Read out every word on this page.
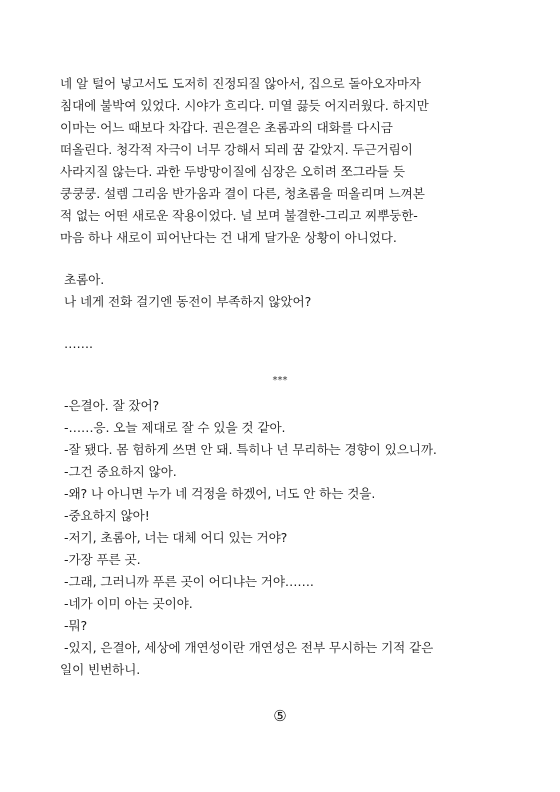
네 알 털어 넣고서도 도저히 진정되질 않아서, 집으로 돌아오자마자
침대에 불박여 있었다. 시야가 흐리다. 미열 끓듯 어지러웠다. 하지만
이마는 어느 때보다 차갑다. 권은결은 초롬과의 대화를 다시금
떠올린다. 청각적 자극이 너무 강해서 되레 꿈 같았지. 두근거림이
사라지질 않는다. 과한 두방망이질에 심장은 오히려 쪼그라들 듯
쿵쿵쿵. 설렘 그리움 반가움과 결이 다른, 청초롬을 떠올리며 느껴본
적 없는 어떤 새로운 작용이었다. 널 보며 불결한-그리고 찌뿌둥한-
마음 하나 새로이 피어난다는 건 내게 달가운 상황이 아니었다.
초롬아.
나 네게 전화 걸기엔 동전이 부족하지 않았어?
…….
***
-은결아. 잘 잤어?
-……응. 오늘 제대로 잘 수 있을 것 같아.
-잘 됐다. 몸 험하게 쓰면 안 돼. 특히나 넌 무리하는 경향이 있으니까.
-그건 중요하지 않아.
-왜? 나 아니면 누가 네 걱정을 하겠어, 너도 안 하는 것을.
-중요하지 않아!
-저기, 초롬아, 너는 대체 어디 있는 거야?
-가장 푸른 곳.
-그래, 그러니까 푸른 곳이 어디냐는 거야…….
-네가 이미 아는 곳이야.
-뭐?
-있지, 은결아, 세상에 개연성이란 개연성은 전부 무시하는 기적 같은
일이 빈번하니.
⑤
